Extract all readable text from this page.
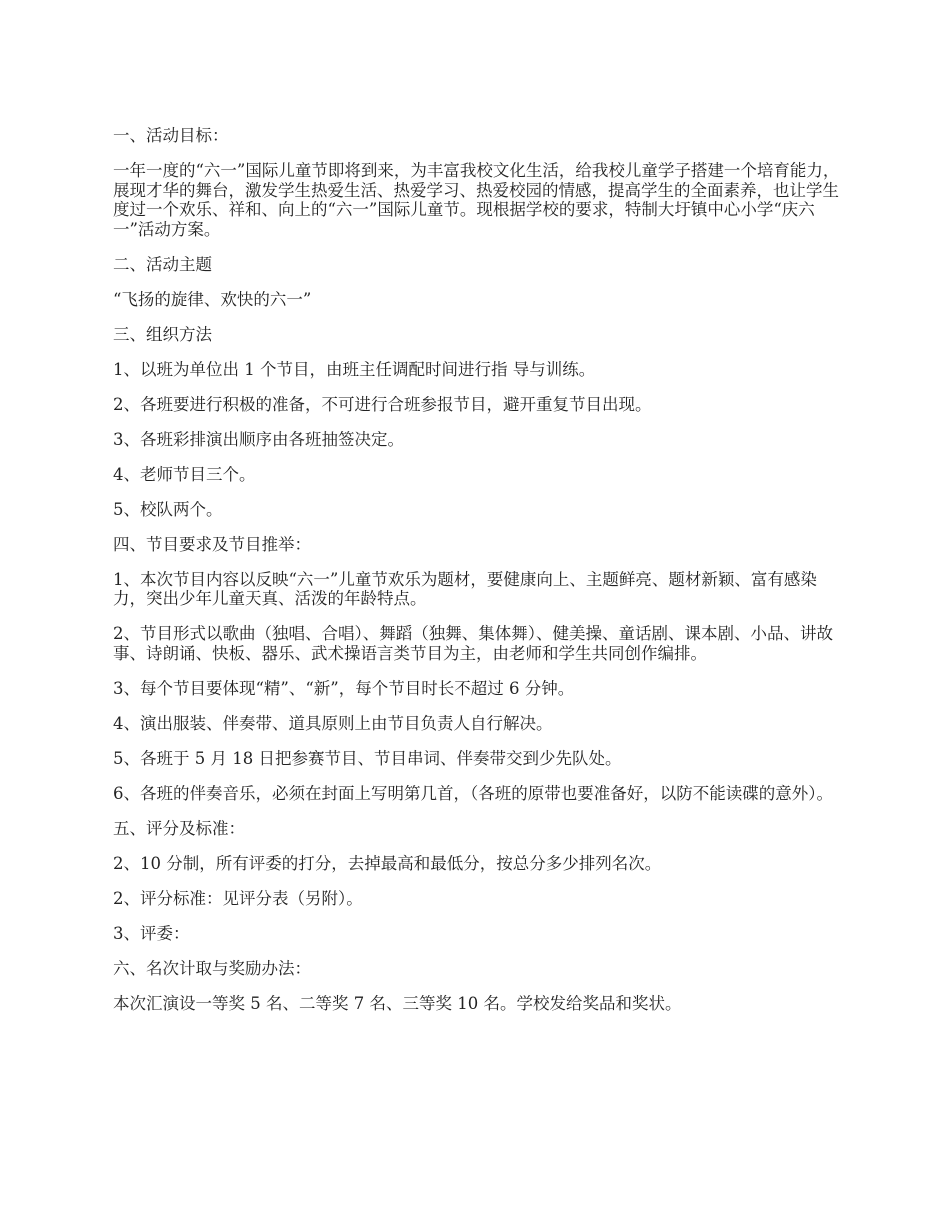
一、活动目标：

一年一度的“六一”国际儿童节即将到来，为丰富我校文化生活，给我校儿童学子搭建一个培育能力，展现才华的舞台，激发学生热爱生活、热爱学习、热爱校园的情感，提高学生的全面素养，也让学生度过一个欢乐、祥和、向上的“六一”国际儿童节。现根据学校的要求，特制大圩镇中心小学“庆六一”活动方案。

二、活动主题

“飞扬的旋律、欢快的六一”

三、组织方法

1、以班为单位出 1 个节目，由班主任调配时间进行指 导与训练。

2、各班要进行积极的准备，不可进行合班参报节目，避开重复节目出现。

3、各班彩排演出顺序由各班抽签决定。

4、老师节目三个。

5、校队两个。

四、节目要求及节目推举：

1、本次节目内容以反映“六一”儿童节欢乐为题材，要健康向上、主题鲜亮、题材新颖、富有感染力，突出少年儿童天真、活泼的年龄特点。

2、节目形式以歌曲（独唱、合唱）、舞蹈（独舞、集体舞）、健美操、童话剧、课本剧、小品、讲故事、诗朗诵、快板、器乐、武术操语言类节目为主，由老师和学生共同创作编排。

3、每个节目要体现“精”、“新”，每个节目时长不超过 6 分钟。

4、演出服装、伴奏带、道具原则上由节目负责人自行解决。

5、各班于 5 月 18 日把参赛节目、节目串词、伴奏带交到少先队处。

6、各班的伴奏音乐，必须在封面上写明第几首，（各班的原带也要准备好，以防不能读碟的意外）。

五、评分及标准：

2、10 分制，所有评委的打分，去掉最高和最低分，按总分多少排列名次。

2、评分标准：见评分表（另附）。

3、评委：

六、名次计取与奖励办法：

本次汇演设一等奖 5 名、二等奖 7 名、三等奖 10 名。学校发给奖品和奖状。
